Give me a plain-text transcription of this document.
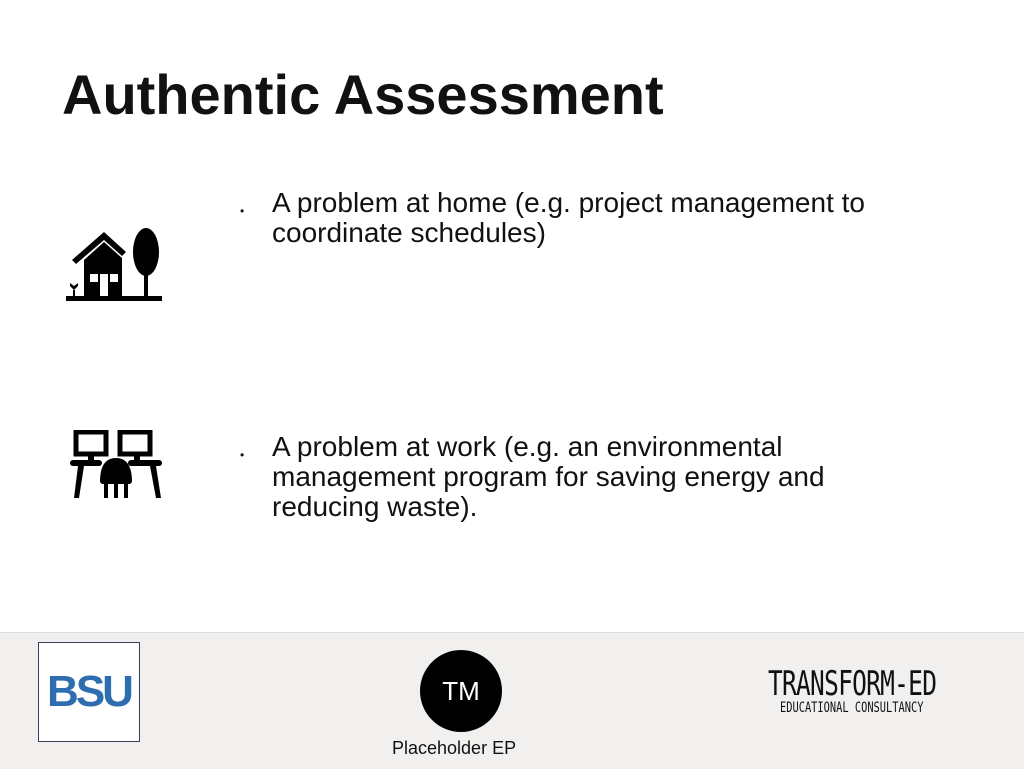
Authentic Assessment
• A problem at home (e.g. project management to coordinate schedules)
• A problem at work (e.g. an environmental management program for saving energy and reducing waste).
BSU	TM
Placeholder EP
TRANSFORM-ED
EDUCATIONAL CONSULTANCY
